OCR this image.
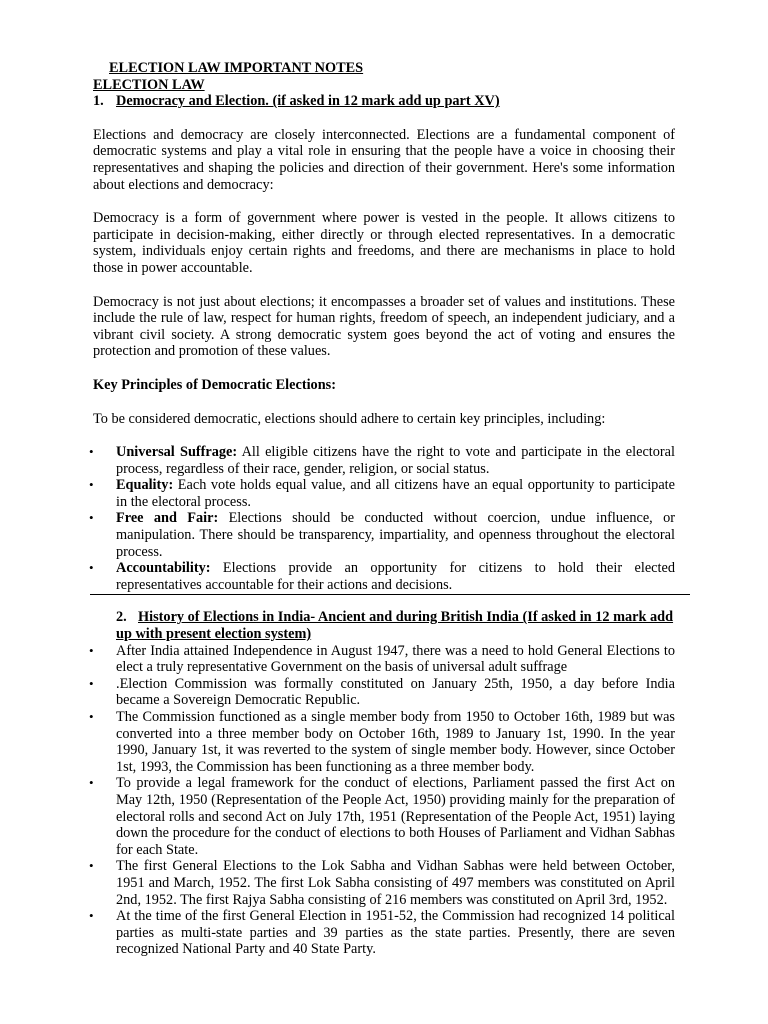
ELECTION LAW IMPORTANT NOTES
ELECTION LAW
1. Democracy and Election. (if asked in 12 mark add up part XV)

Elections and democracy are closely interconnected. Elections are a fundamental component of democratic systems and play a vital role in ensuring that the people have a voice in choosing their representatives and shaping the policies and direction of their government. Here's some information about elections and democracy:

Democracy is a form of government where power is vested in the people. It allows citizens to participate in decision-making, either directly or through elected representatives. In a democratic system, individuals enjoy certain rights and freedoms, and there are mechanisms in place to hold those in power accountable.

Democracy is not just about elections; it encompasses a broader set of values and institutions. These include the rule of law, respect for human rights, freedom of speech, an independent judiciary, and a vibrant civil society. A strong democratic system goes beyond the act of voting and ensures the protection and promotion of these values.

Key Principles of Democratic Elections:

To be considered democratic, elections should adhere to certain key principles, including:

• Universal Suffrage: All eligible citizens have the right to vote and participate in the electoral process, regardless of their race, gender, religion, or social status.
• Equality: Each vote holds equal value, and all citizens have an equal opportunity to participate in the electoral process.
• Free and Fair: Elections should be conducted without coercion, undue influence, or manipulation. There should be transparency, impartiality, and openness throughout the electoral process.
• Accountability: Elections provide an opportunity for citizens to hold their elected representatives accountable for their actions and decisions.
2. History of Elections in India- Ancient and during British India (If asked in 12 mark add up with present election system)
• After India attained Independence in August 1947, there was a need to hold General Elections to elect a truly representative Government on the basis of universal adult suffrage
• .Election Commission was formally constituted on January 25th, 1950, a day before India became a Sovereign Democratic Republic.
• The Commission functioned as a single member body from 1950 to October 16th, 1989 but was converted into a three member body on October 16th, 1989 to January 1st, 1990. In the year 1990, January 1st, it was reverted to the system of single member body. However, since October 1st, 1993, the Commission has been functioning as a three member body.
• To provide a legal framework for the conduct of elections, Parliament passed the first Act on May 12th, 1950 (Representation of the People Act, 1950) providing mainly for the preparation of electoral rolls and second Act on July 17th, 1951 (Representation of the People Act, 1951) laying down the procedure for the conduct of elections to both Houses of Parliament and Vidhan Sabhas for each State.
• The first General Elections to the Lok Sabha and Vidhan Sabhas were held between October, 1951 and March, 1952. The first Lok Sabha consisting of 497 members was constituted on April 2nd, 1952. The first Rajya Sabha consisting of 216 members was constituted on April 3rd, 1952.
• At the time of the first General Election in 1951-52, the Commission had recognized 14 political parties as multi-state parties and 39 parties as the state parties. Presently, there are seven recognized National Party and 40 State Party.
